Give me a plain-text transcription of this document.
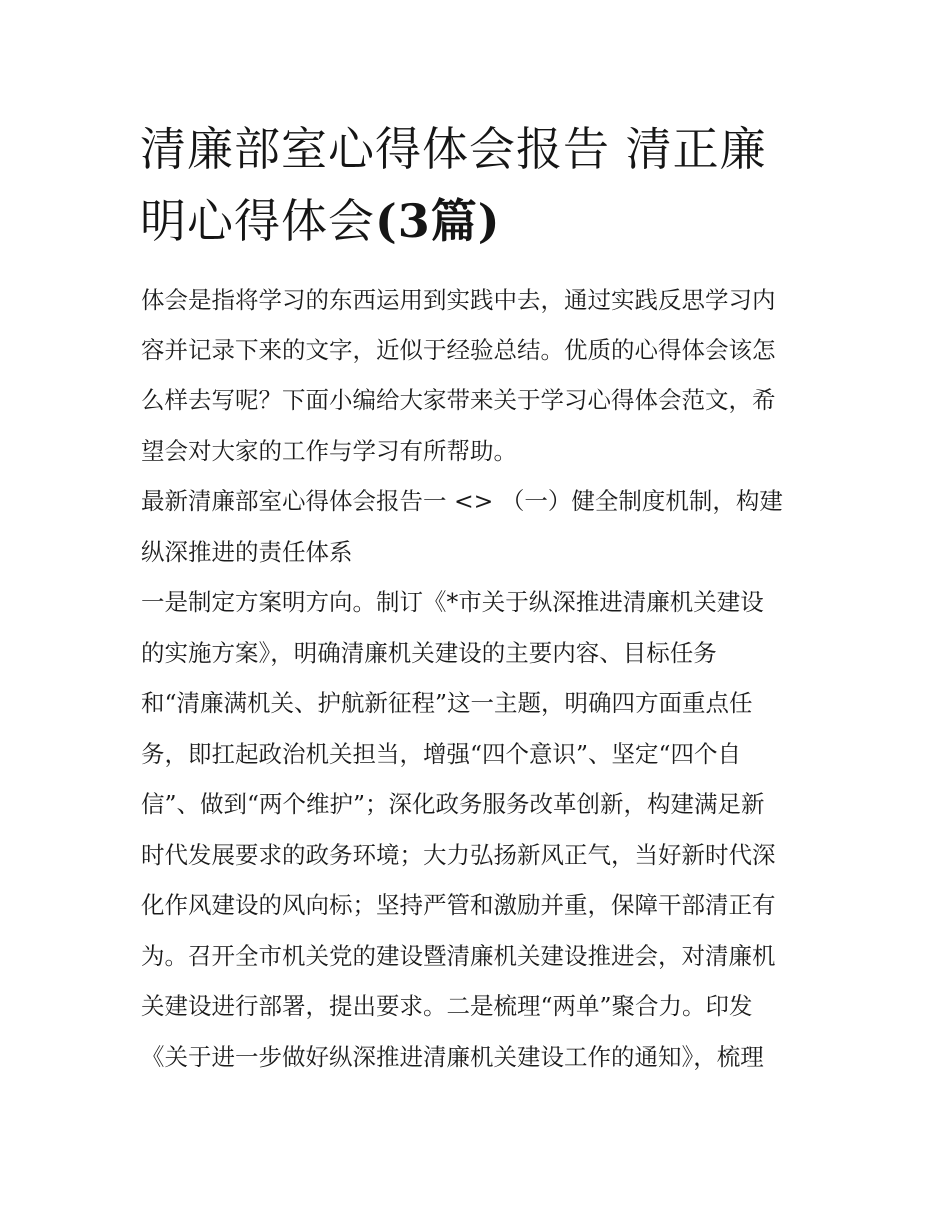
清廉部室心得体会报告 清正廉
明心得体会(3篇)
体会是指将学习的东西运用到实践中去，通过实践反思学习内
容并记录下来的文字，近似于经验总结。优质的心得体会该怎
么样去写呢？下面小编给大家带来关于学习心得体会范文，希
望会对大家的工作与学习有所帮助。
最新清廉部室心得体会报告一 <> （一）健全制度机制，构建
纵深推进的责任体系
一是制定方案明方向。制订《*市关于纵深推进清廉机关建设
的实施方案》，明确清廉机关建设的主要内容、目标任务
和“清廉满机关、护航新征程”这一主题，明确四方面重点任
务，即扛起政治机关担当，增强“四个意识”、坚定“四个自
信”、做到“两个维护”；深化政务服务改革创新，构建满足新
时代发展要求的政务环境；大力弘扬新风正气，当好新时代深
化作风建设的风向标；坚持严管和激励并重，保障干部清正有
为。召开全市机关党的建设暨清廉机关建设推进会，对清廉机
关建设进行部署，提出要求。二是梳理“两单”聚合力。印发
《关于进一步做好纵深推进清廉机关建设工作的通知》，梳理
